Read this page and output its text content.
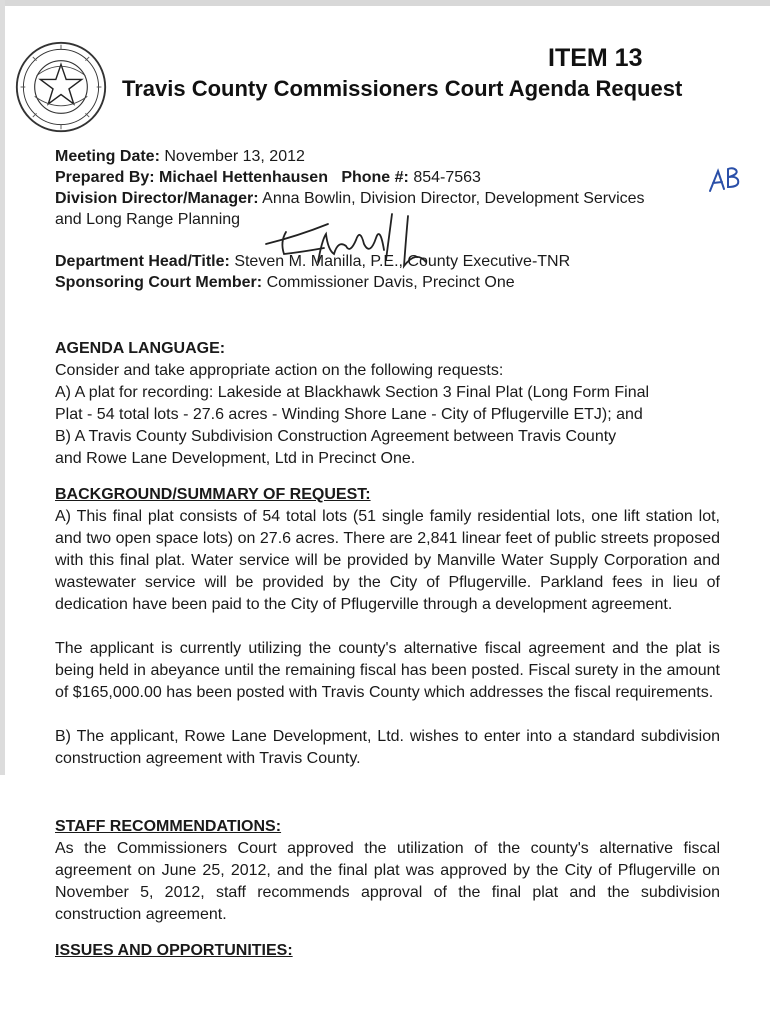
ITEM 13
Travis County Commissioners Court Agenda Request
Meeting Date: November 13, 2012
Prepared By: Michael Hettenhausen Phone #: 854-7563
Division Director/Manager: Anna Bowlin, Division Director, Development Services
and Long Range Planning
Department Head/Title: Steven M. Manilla, P.E., County Executive-TNR
Sponsoring Court Member: Commissioner Davis, Precinct One
AGENDA LANGUAGE:
Consider and take appropriate action on the following requests:
A) A plat for recording: Lakeside at Blackhawk Section 3 Final Plat (Long Form Final
Plat - 54 total lots - 27.6 acres - Winding Shore Lane - City of Pflugerville ETJ); and
B) A Travis County Subdivision Construction Agreement between Travis County
and Rowe Lane Development, Ltd in Precinct One.
BACKGROUND/SUMMARY OF REQUEST:

A) This final plat consists of 54 total lots (51 single family residential lots, one lift station lot, and two open space lots) on 27.6 acres. There are 2,841 linear feet of public streets proposed with this final plat. Water service will be provided by Manville Water Supply Corporation and wastewater service will be provided by the City of Pflugerville. Parkland fees in lieu of dedication have been paid to the City of Pflugerville through a development agreement.

The applicant is currently utilizing the county's alternative fiscal agreement and the plat is being held in abeyance until the remaining fiscal has been posted. Fiscal surety in the amount of $165,000.00 has been posted with Travis County which addresses the fiscal requirements.

B) The applicant, Rowe Lane Development, Ltd. wishes to enter into a standard subdivision construction agreement with Travis County.

STAFF RECOMMENDATIONS:

As the Commissioners Court approved the utilization of the county's alternative fiscal agreement on June 25, 2012, and the final plat was approved by the City of Pflugerville on November 5, 2012, staff recommends approval of the final plat and the subdivision construction agreement.

ISSUES AND OPPORTUNITIES:
